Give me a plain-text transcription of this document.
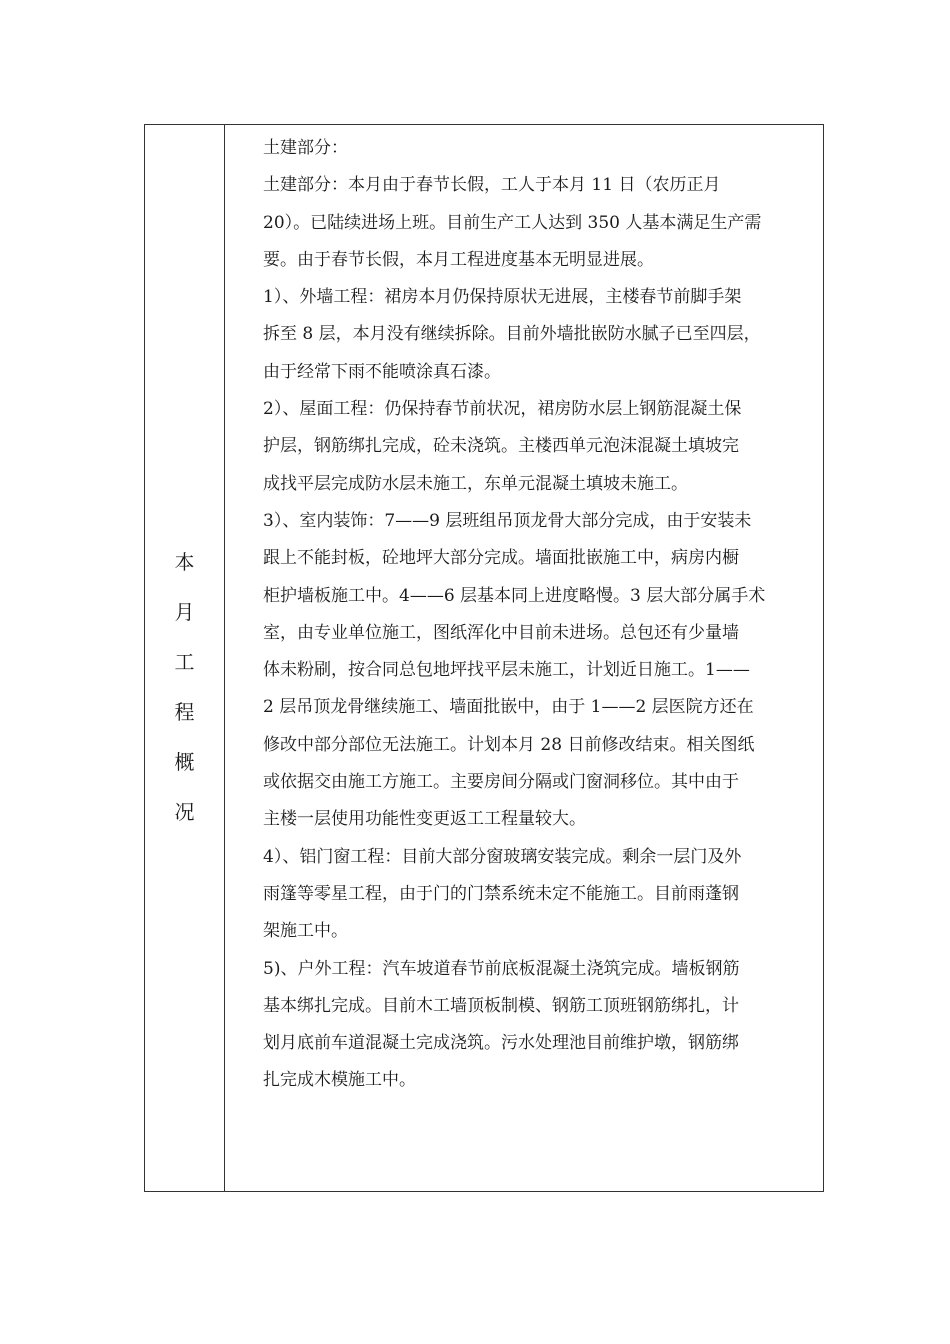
本
月
工
程
概
况
土建部分：
土建部分：本月由于春节长假，工人于本月 11 日（农历正月
20）。已陆续进场上班。目前生产工人达到 350 人基本满足生产需
要。由于春节长假，本月工程进度基本无明显进展。
1）、外墙工程：裙房本月仍保持原状无进展，主楼春节前脚手架
拆至 8 层，本月没有继续拆除。目前外墙批嵌防水腻子已至四层，
由于经常下雨不能喷涂真石漆。
2）、屋面工程：仍保持春节前状况，裙房防水层上钢筋混凝土保
护层，钢筋绑扎完成，砼未浇筑。主楼西单元泡沫混凝土填坡完
成找平层完成防水层未施工，东单元混凝土填坡未施工。
3）、室内装饰：7——9 层班组吊顶龙骨大部分完成，由于安装未
跟上不能封板，砼地坪大部分完成。墙面批嵌施工中，病房内橱
柜护墙板施工中。4——6 层基本同上进度略慢。3 层大部分属手术
室，由专业单位施工，图纸浑化中目前未进场。总包还有少量墙
体未粉刷，按合同总包地坪找平层未施工，计划近日施工。1——
2 层吊顶龙骨继续施工、墙面批嵌中，由于 1——2 层医院方还在
修改中部分部位无法施工。计划本月 28 日前修改结束。相关图纸
或依据交由施工方施工。主要房间分隔或门窗洞移位。其中由于
主楼一层使用功能性变更返工工程量较大。
4）、铝门窗工程：目前大部分窗玻璃安装完成。剩余一层门及外
雨篷等零星工程，由于门的门禁系统未定不能施工。目前雨蓬钢
架施工中。
5)、户外工程：汽车坡道春节前底板混凝土浇筑完成。墙板钢筋
基本绑扎完成。目前木工墙顶板制模、钢筋工顶班钢筋绑扎，计
划月底前车道混凝土完成浇筑。污水处理池目前维护墩，钢筋绑
扎完成木模施工中。
